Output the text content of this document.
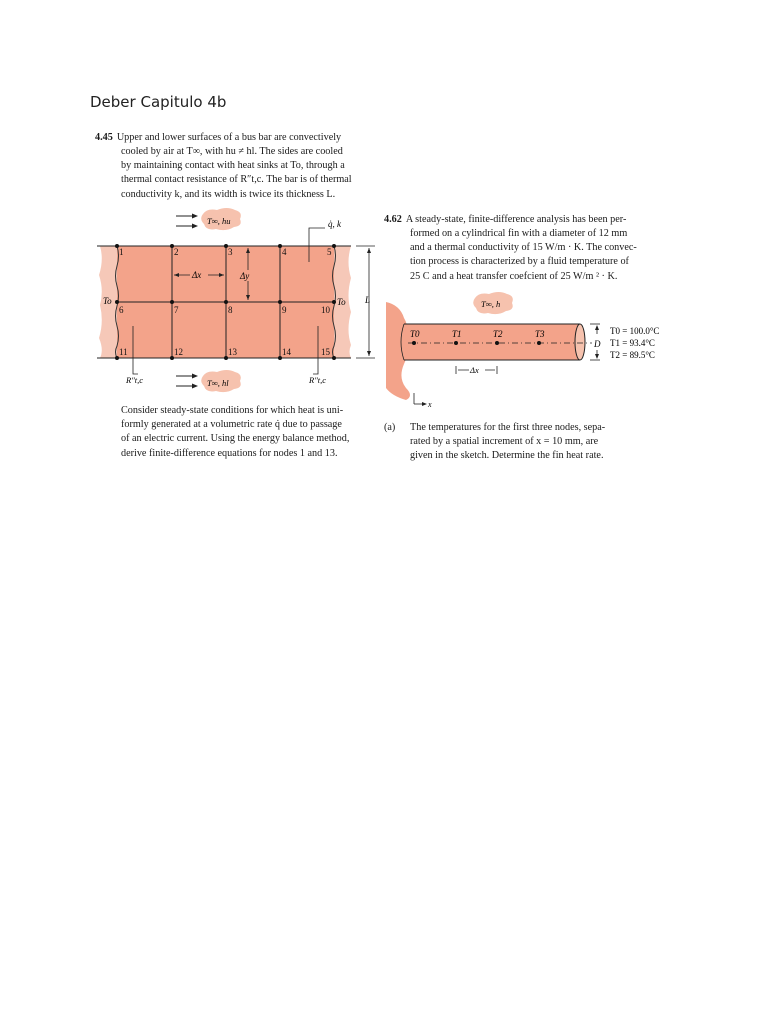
Deber Capitulo 4b
4.45 Upper and lower surfaces of a bus bar are convectively
cooled by air at T∞, with hu ≠ hl. The sides are cooled
by maintaining contact with heat sinks at To, through a
thermal contact resistance of R″t,c. The bar is of thermal
conductivity k, and its width is twice its thickness L.
1	2	3	4	5
6	7	8	9	10
11	12	13	14	15
Δx	Δy
L
To	To
T∞, hu	q̇, k
T∞, hl
R″t,c	R″t,c
Consider steady-state conditions for which heat is uni-
formly generated at a volumetric rate q̇ due to passage
of an electric current. Using the energy balance method,
derive finite-difference equations for nodes 1 and 13.
4.62 A steady-state, finite-difference analysis has been per-
formed on a cylindrical fin with a diameter of 12 mm
and a thermal conductivity of 15 W/m · K. The convec-
tion process is characterized by a fluid temperature of
25 C and a heat transfer coefcient of 25 W/m ² · K.
T0	T1	T2	T3
T∞, h
D
T0 = 100.0°C
T1 = 93.4°C
T2 = 89.5°C
Δx
x
(a) The temperatures for the first three nodes, sepa-
rated by a spatial increment of x = 10 mm, are
given in the sketch. Determine the fin heat rate.
